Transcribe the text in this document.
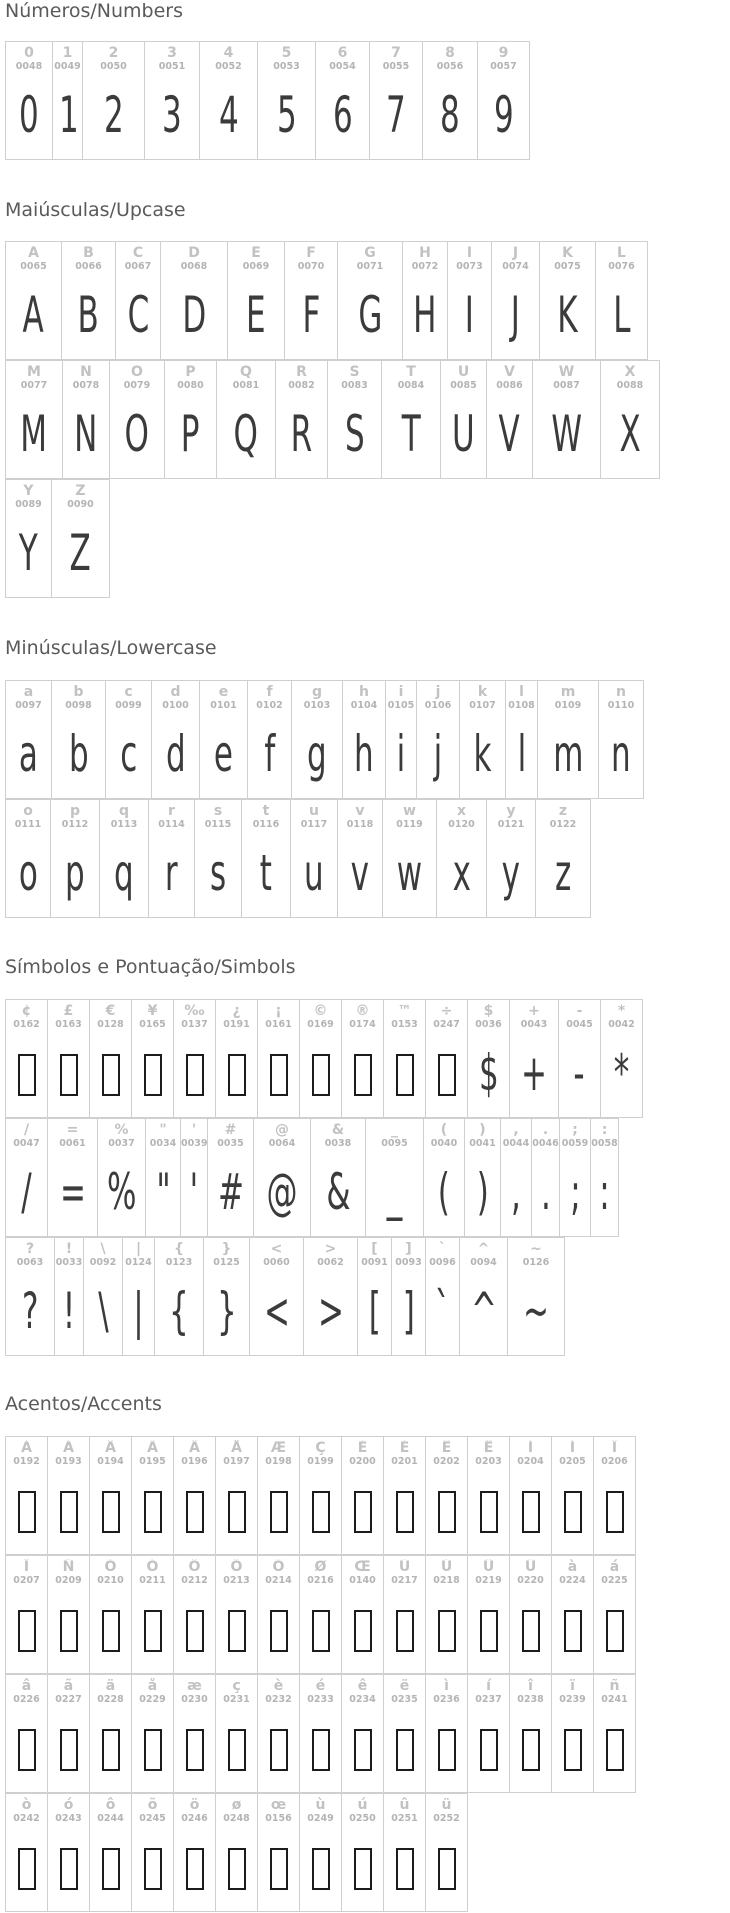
Números/Numbers
0
0048
0
1
0049
1
2
0050
2
3
0051
3
4
0052
4
5
0053
5
6
0054
6
7
0055
7
8
0056
8
9
0057
9
Maiúsculas/Upcase
A
0065
A
B
0066
B
C
0067
C
D
0068
D
E
0069
E
F
0070
F
G
0071
G
H
0072
H
I
0073
I
J
0074
J
K
0075
K
L
0076
L
M
0077
M
N
0078
N
O
0079
O
P
0080
P
Q
0081
Q
R
0082
R
S
0083
S
T
0084
T
U
0085
U
V
0086
V
W
0087
W
X
0088
X
Y
0089
Y
Z
0090
Z
Minúsculas/Lowercase
a
0097
a
b
0098
b
c
0099
c
d
0100
d
e
0101
e
f
0102
f
g
0103
g
h
0104
h
i
0105
i
j
0106
j
k
0107
k
l
0108
l
m
0109
m
n
0110
n
o
0111
o
p
0112
p
q
0113
q
r
0114
r
s
0115
s
t
0116
t
u
0117
u
v
0118
v
w
0119
w
x
0120
x
y
0121
y
z
0122
z
Símbolos e Pontuação/Simbols
¢
0162
£
0163
€
0128
¥
0165
‰
0137
¿
0191
¡
0161
©
0169
®
0174
™
0153
÷
0247
$
0036
$
+
0043
+
-
0045
-
*
0042
*
/
0047
/
=
0061
=
%
0037
%
"
0034
"
'
0039
'
#
0035
#
@
0064
@
&
0038
&
_
0095
_
(
0040
(
)
0041
)
,
0044
,
.
0046
.
;
0059
;
:
0058
:
?
0063
?
!
0033
!
\
0092
\
|
0124
|
{
0123
{
}
0125
}
<
0060
<
>
0062
>
[
0091
[
]
0093
]
`
0096
`
^
0094
^
~
0126
~
Acentos/Accents
À
0192
Á
0193
Â
0194
Ã
0195
Ä
0196
Å
0197
Æ
0198
Ç
0199
È
0200
É
0201
Ê
0202
Ë
0203
Ì
0204
Í
0205
Î
0206
Ï
0207
Ñ
0209
Ò
0210
Ó
0211
Ô
0212
Õ
0213
Ö
0214
Ø
0216
Œ
0140
Ù
0217
Ú
0218
Û
0219
Ü
0220
à
0224
á
0225
â
0226
ã
0227
ä
0228
å
0229
æ
0230
ç
0231
è
0232
é
0233
ê
0234
ë
0235
ì
0236
í
0237
î
0238
ï
0239
ñ
0241
ò
0242
ó
0243
ô
0244
õ
0245
ö
0246
ø
0248
œ
0156
ù
0249
ú
0250
û
0251
ü
0252
